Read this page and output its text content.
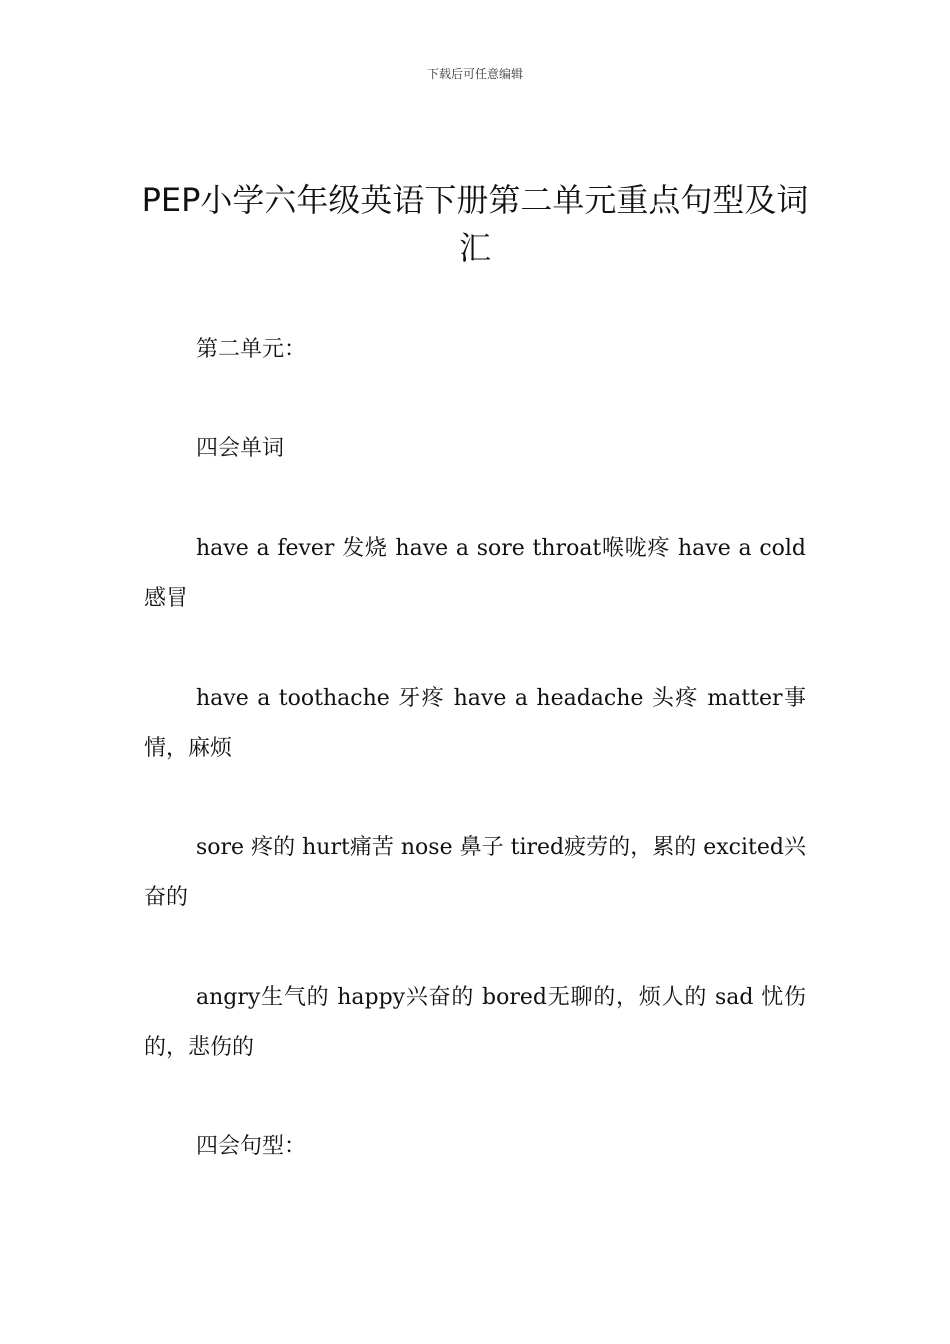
下载后可任意编辑
PEP小学六年级英语下册第二单元重点句型及词汇
第二单元：
四会单词
have a fever 发烧 have a sore throat喉咙疼 have a cold感冒
have a toothache 牙疼 have a headache 头疼 matter事情，麻烦
sore 疼的 hurt痛苦 nose 鼻子 tired疲劳的，累的 excited兴奋的
angry生气的 happy兴奋的 bored无聊的，烦人的 sad 忧伤的，悲伤的
四会句型：
